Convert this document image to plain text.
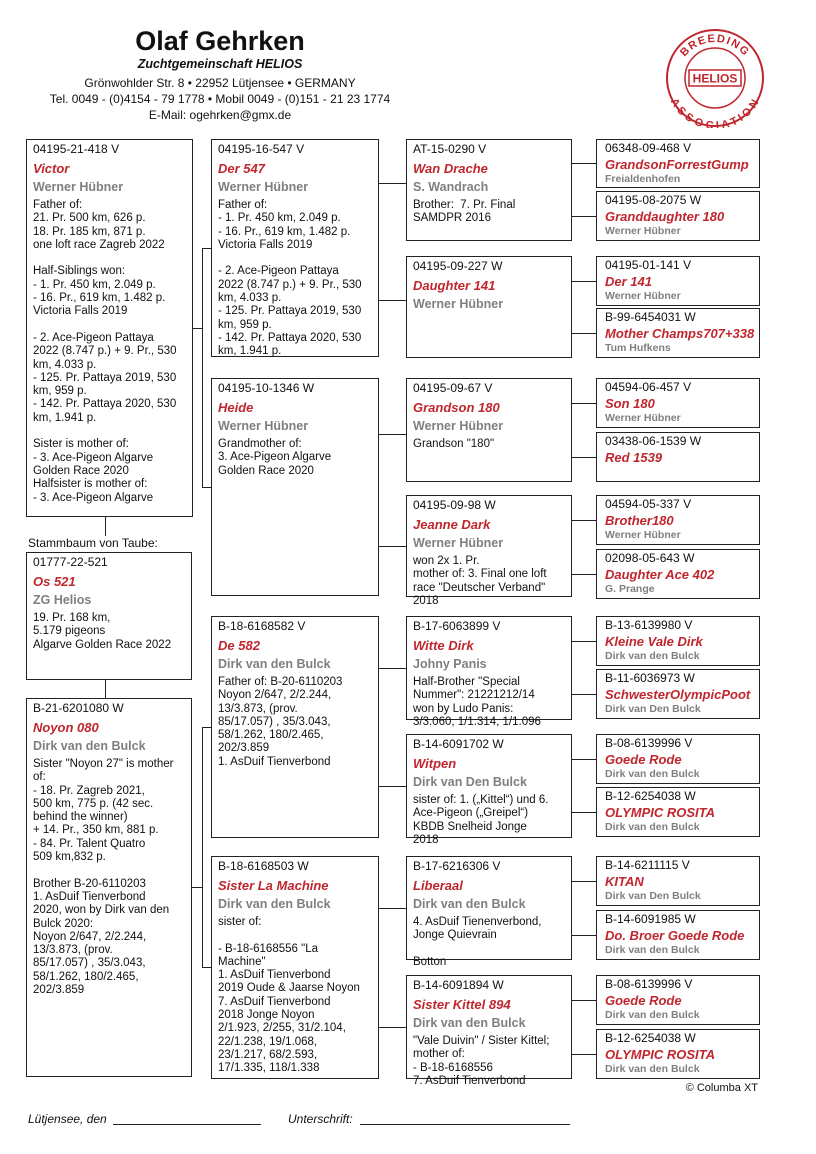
Olaf Gehrken
Zuchtgemeinschaft HELIOS
Grönwohlder Str. 8 • 22952 Lütjensee • GERMANY
Tel. 0049 - (0)4154 - 79 1778 • Mobil 0049 - (0)151 - 21 23 1774
E-Mail: ogehrken@gmx.de
BREEDING
ASSOCIATION
HELIOS
04195-21-418 V
Victor
Werner Hübner
Father of:
21. Pr. 500 km, 626 p.
18. Pr. 185 km, 871 p.
one loft race Zagreb 2022

Half-Siblings won:
- 1. Pr. 450 km, 2.049 p.
- 16. Pr., 619 km, 1.482 p.
Victoria Falls 2019

- 2. Ace-Pigeon Pattaya
2022 (8.747 p.) + 9. Pr., 530
km, 4.033 p.
- 125. Pr. Pattaya 2019, 530
km, 959 p.
- 142. Pr. Pattaya 2020, 530
km, 1.941 p.

Sister is mother of:
- 3. Ace-Pigeon Algarve
Golden Race 2020
Halfsister is mother of:
- 3. Ace-Pigeon Algarve
Stammbaum von Taube:
01777-22-521
Os 521
ZG Helios
19. Pr. 168 km,
5.179 pigeons
Algarve Golden Race 2022
B-21-6201080 W
Noyon 080
Dirk van den Bulck
Sister "Noyon 27" is mother
of:
- 18. Pr. Zagreb 2021,
500 km, 775 p. (42 sec.
behind the winner)
+ 14. Pr., 350 km, 881 p.
- 84. Pr. Talent Quatro
509 km,832 p.

Brother B-20-6110203
1. AsDuif Tienverbond
2020, won by Dirk van den
Bulck 2020:
Noyon 2/647, 2/2.244,
13/3.873, (prov.
85/17.057) , 35/3.043,
58/1.262, 180/2.465,
202/3.859
04195-16-547 V
Der 547
Werner Hübner
Father of:
- 1. Pr. 450 km, 2.049 p.
- 16. Pr., 619 km, 1.482 p.
Victoria Falls 2019

- 2. Ace-Pigeon Pattaya
2022 (8.747 p.) + 9. Pr., 530
km, 4.033 p.
- 125. Pr. Pattaya 2019, 530
km, 959 p.
- 142. Pr. Pattaya 2020, 530
km, 1.941 p.
04195-10-1346 W
Heide
Werner Hübner
Grandmother of:
3. Ace-Pigeon Algarve
Golden Race 2020
B-18-6168582 V
De 582
Dirk van den Bulck
Father of: B-20-6110203
Noyon 2/647, 2/2.244,
13/3.873, (prov.
85/17.057) , 35/3.043,
58/1.262, 180/2.465,
202/3.859
1. AsDuif Tienverbond
B-18-6168503 W
Sister La Machine
Dirk van den Bulck
sister of:

- B-18-6168556 "La
Machine"
1. AsDuif Tienverbond
2019 Oude & Jaarse Noyon
7. AsDuif Tienverbond
2018 Jonge Noyon
2/1.923, 2/255, 31/2.104,
22/1.238, 19/1.068,
23/1.217, 68/2.593,
17/1.335, 118/1.338
AT-15-0290 V
Wan Drache
S. Wandrach
Brother:  7. Pr. Final
SAMDPR 2016
04195-09-227 W
Daughter 141
Werner Hübner
04195-09-67 V
Grandson 180
Werner Hübner
Grandson "180"
04195-09-98 W
Jeanne Dark
Werner Hübner
won 2x 1. Pr.
mother of: 3. Final one loft
race "Deutscher Verband"
2018
B-17-6063899 V
Witte Dirk
Johny Panis
Half-Brother "Special
Nummer": 21221212/14
won by Ludo Panis:
3/3.060, 1/1.314, 1/1.096
B-14-6091702 W
Witpen
Dirk van Den Bulck
sister of: 1. („Kittel“) und 6.
Ace-Pigeon („Greipel“)
KBDB Snelheid Jonge
2018
B-17-6216306 V
Liberaal
Dirk van den Bulck
4. AsDuif Tienenverbond,
Jonge Quievrain

Botton
B-14-6091894 W
Sister Kittel 894
Dirk van den Bulck
"Vale Duivin" / Sister Kittel;
mother of:
- B-18-6168556
7. AsDuif Tienverbond
06348-09-468 V
GrandsonForrestGump
Freialdenhofen
04195-08-2075 W
Granddaughter 180
Werner Hübner
04195-01-141 V
Der 141
Werner Hübner
B-99-6454031 W
Mother Champs707+338
Tum Hufkens
04594-06-457 V
Son 180
Werner Hübner
03438-06-1539 W
Red 1539
04594-05-337 V
Brother180
Werner Hübner
02098-05-643 W
Daughter Ace 402
G. Prange
B-13-6139980 V
Kleine Vale Dirk
Dirk van den Bulck
B-11-6036973 W
SchwesterOlympicPoot
Dirk van Den Bulck
B-08-6139996 V
Goede Rode
Dirk van den Bulck
B-12-6254038 W
OLYMPIC ROSITA
Dirk van den Bulck
B-14-6211115 V
KITAN
Dirk van Den Bulck
B-14-6091985 W
Do. Broer Goede Rode
Dirk van den Bulck
B-08-6139996 V
Goede Rode
Dirk van den Bulck
B-12-6254038 W
OLYMPIC ROSITA
Dirk van den Bulck
© Columba XT
Lütjensee, den	Unterschrift:
